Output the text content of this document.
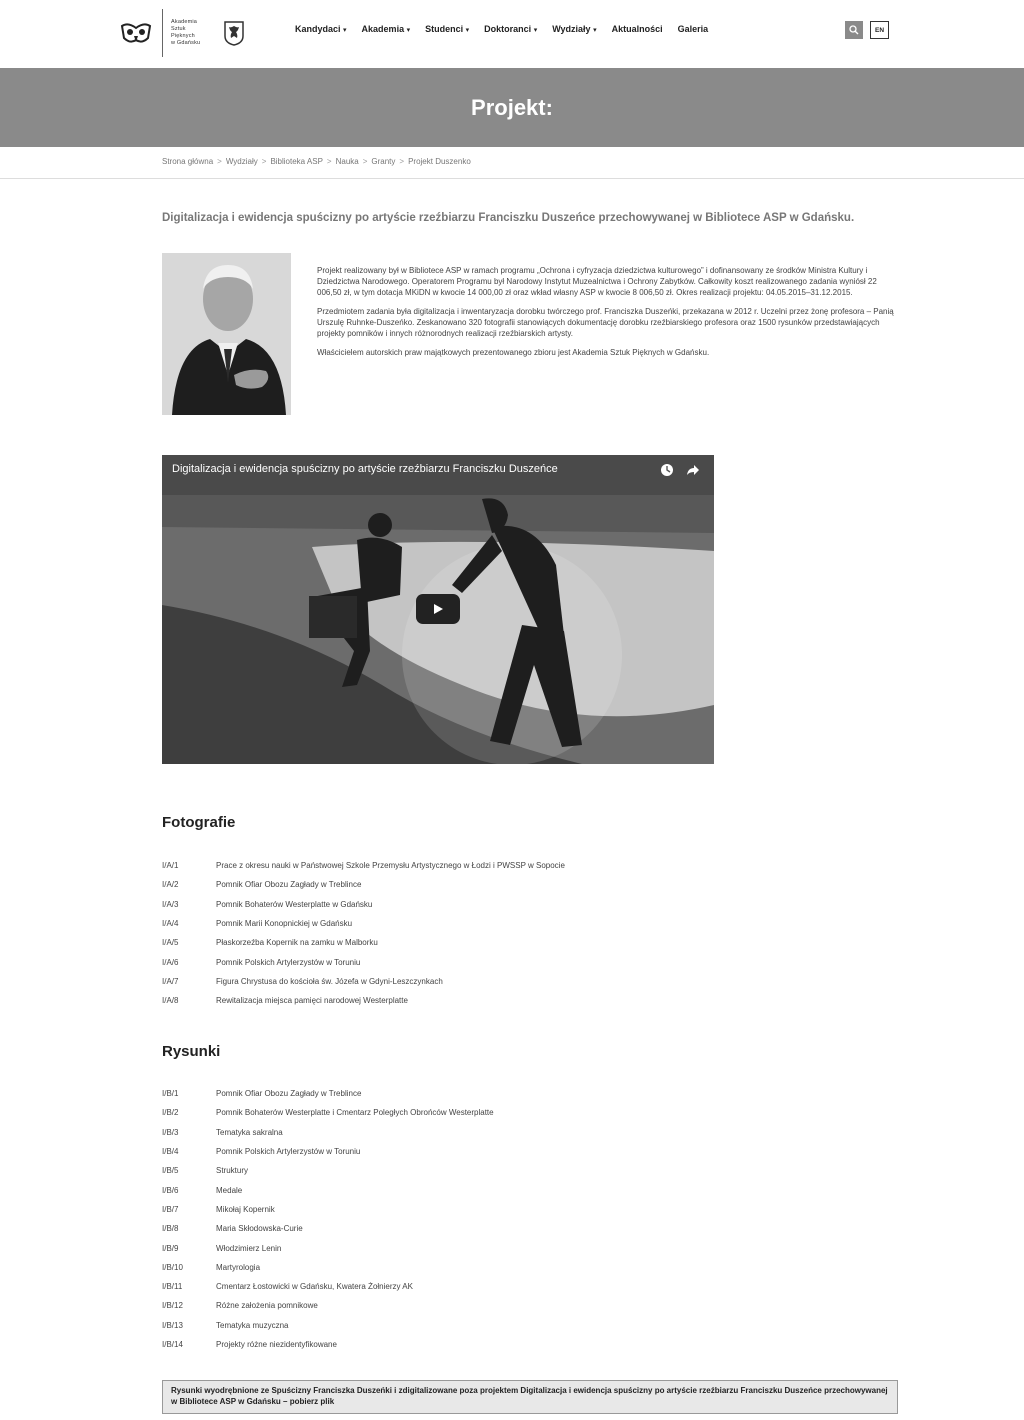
Akademia
Sztuk
Pięknych
w Gdańsku
Kandydaci ▾ Akademia ▾ Studenci ▾ Doktoranci ▾ Wydziały ▾ Aktualności Galeria	EN
Projekt:
Strona główna > Wydziały > Biblioteka ASP > Nauka > Granty > Projekt Duszenko
Digitalizacja i ewidencja spuścizny po artyście rzeźbiarzu Franciszku Duszeńce przechowywanej w Bibliotece ASP w Gdańsku.

Projekt realizowany był w Bibliotece ASP w ramach programu „Ochrona i cyfryzacja dziedzictwa kulturowego” i dofinansowany ze środków Ministra Kultury i Dziedzictwa Narodowego. Operatorem Programu był Narodowy Instytut Muzealnictwa i Ochrony Zabytków. Całkowity koszt realizowanego zadania wyniósł 22 006,50 zł, w tym dotacja MKiDN w kwocie 14 000,00 zł oraz wkład własny ASP w kwocie 8 006,50 zł. Okres realizacji projektu: 04.05.2015–31.12.2015.

Przedmiotem zadania była digitalizacja i inwentaryzacja dorobku twórczego prof. Franciszka Duszeńki, przekazana w 2012 r. Uczelni przez żonę profesora – Panią Urszulę Ruhnke-Duszeńko. Zeskanowano 320 fotografii stanowiących dokumentację dorobku rzeźbiarskiego profesora oraz 1500 rysunków przedstawiających projekty pomników i innych różnorodnych realizacji rzeźbiarskich artysty.

Właścicielem autorskich praw majątkowych prezentowanego zbioru jest Akademia Sztuk Pięknych w Gdańsku.

Digitalizacja i ewidencja spuścizny po artyście rzeźbiarzu Franciszku Duszeńce
Fotografie
I/A/1	Prace z okresu nauki w Państwowej Szkole Przemysłu Artystycznego w Łodzi i PWSSP w Sopocie
I/A/2	Pomnik Ofiar Obozu Zagłady w Treblince
I/A/3	Pomnik Bohaterów Westerplatte w Gdańsku
I/A/4	Pomnik Marii Konopnickiej w Gdańsku
I/A/5	Płaskorzeźba Kopernik na zamku w Malborku
I/A/6	Pomnik Polskich Artylerzystów w Toruniu
I/A/7	Figura Chrystusa do kościoła św. Józefa w Gdyni-Leszczynkach
I/A/8	Rewitalizacja miejsca pamięci narodowej Westerplatte
Rysunki
I/B/1	Pomnik Ofiar Obozu Zagłady w Treblince
I/B/2	Pomnik Bohaterów Westerplatte i Cmentarz Poległych Obrońców Westerplatte
I/B/3	Tematyka sakralna
I/B/4	Pomnik Polskich Artylerzystów w Toruniu
I/B/5	Struktury
I/B/6	Medale
I/B/7	Mikołaj Kopernik
I/B/8	Maria Skłodowska-Curie
I/B/9	Włodzimierz Lenin
I/B/10	Martyrologia
I/B/11	Cmentarz Łostowicki w Gdańsku, Kwatera Żołnierzy AK
I/B/12	Różne założenia pomnikowe
I/B/13	Tematyka muzyczna
I/B/14	Projekty różne niezidentyfikowane
Rysunki wyodrębnione ze Spuścizny Franciszka Duszeńki i zdigitalizowane poza projektem Digitalizacja i ewidencja spuścizny po artyście rzeźbiarzu Franciszku Duszeńce przechowywanej w Bibliotece ASP w Gdańsku – pobierz plik
